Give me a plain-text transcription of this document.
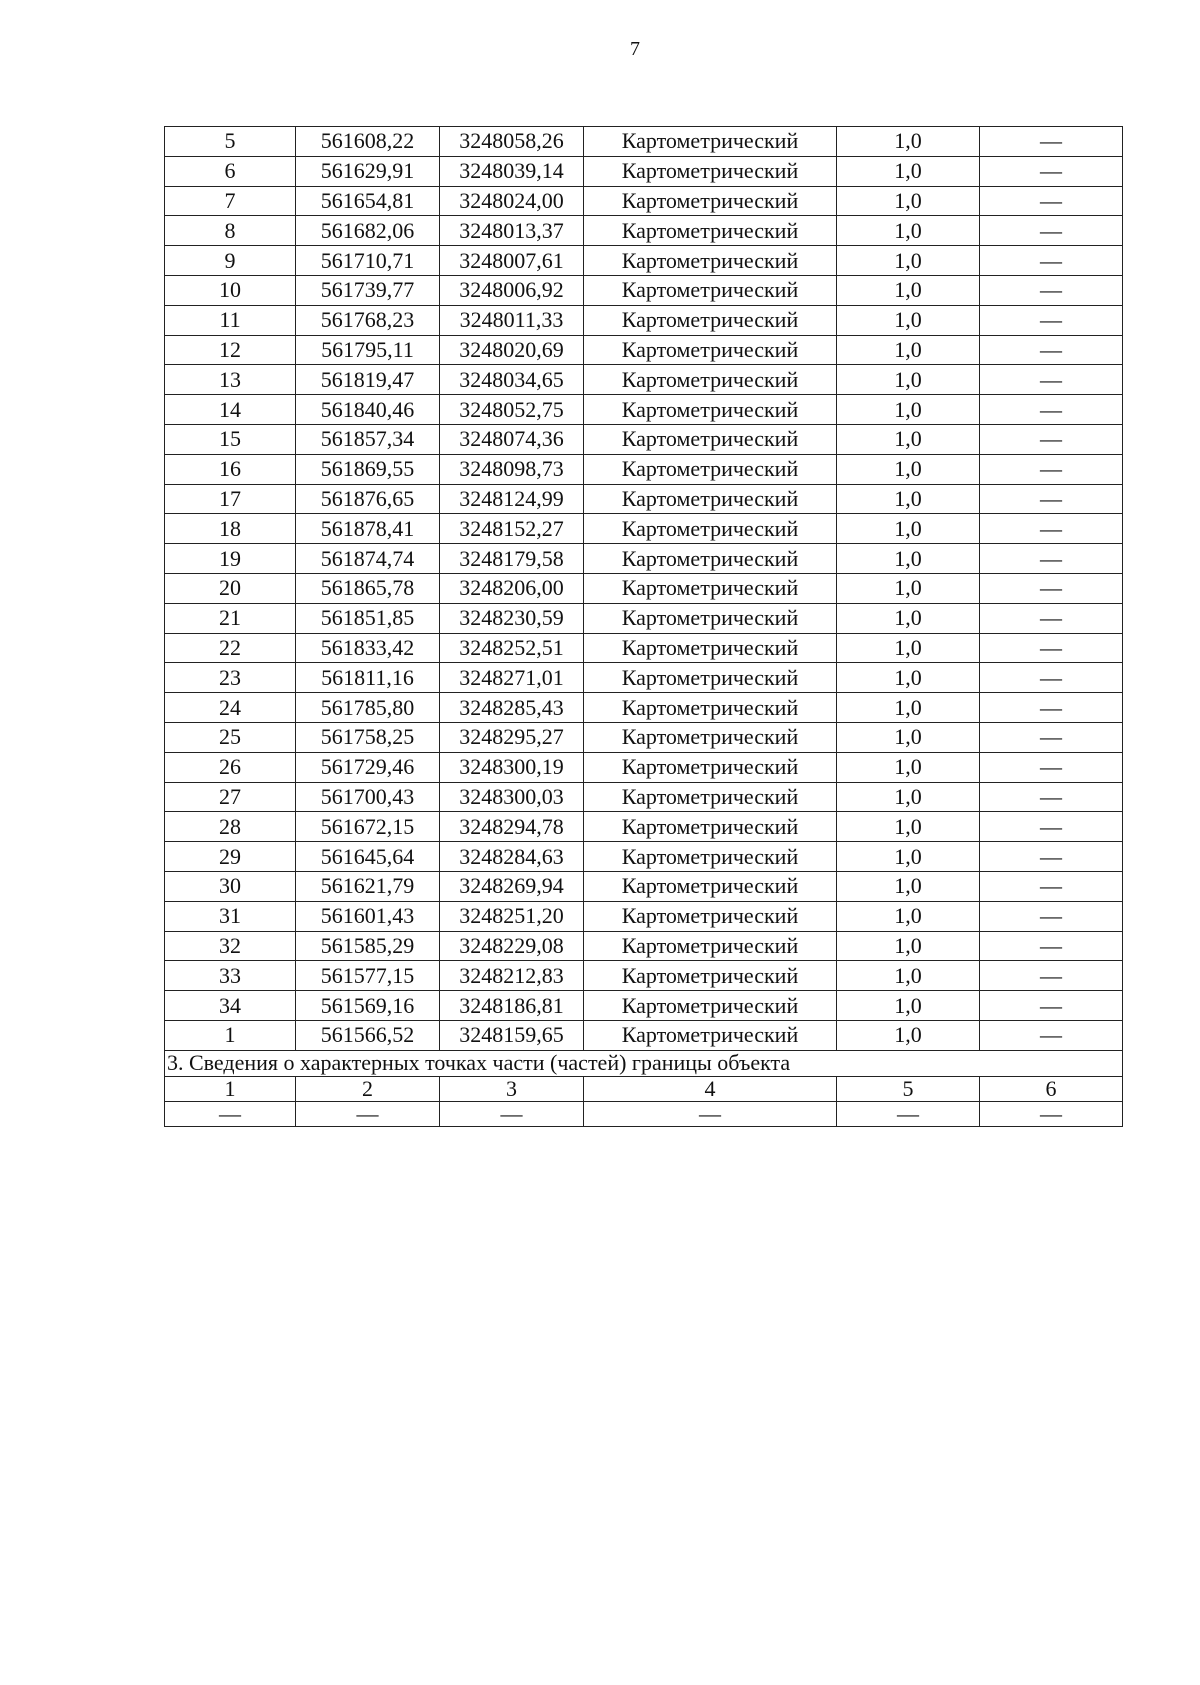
7
5	561608,22	3248058,26	Картометрический	1,0	—
6	561629,91	3248039,14	Картометрический	1,0	—
7	561654,81	3248024,00	Картометрический	1,0	—
8	561682,06	3248013,37	Картометрический	1,0	—
9	561710,71	3248007,61	Картометрический	1,0	—
10	561739,77	3248006,92	Картометрический	1,0	—
11	561768,23	3248011,33	Картометрический	1,0	—
12	561795,11	3248020,69	Картометрический	1,0	—
13	561819,47	3248034,65	Картометрический	1,0	—
14	561840,46	3248052,75	Картометрический	1,0	—
15	561857,34	3248074,36	Картометрический	1,0	—
16	561869,55	3248098,73	Картометрический	1,0	—
17	561876,65	3248124,99	Картометрический	1,0	—
18	561878,41	3248152,27	Картометрический	1,0	—
19	561874,74	3248179,58	Картометрический	1,0	—
20	561865,78	3248206,00	Картометрический	1,0	—
21	561851,85	3248230,59	Картометрический	1,0	—
22	561833,42	3248252,51	Картометрический	1,0	—
23	561811,16	3248271,01	Картометрический	1,0	—
24	561785,80	3248285,43	Картометрический	1,0	—
25	561758,25	3248295,27	Картометрический	1,0	—
26	561729,46	3248300,19	Картометрический	1,0	—
27	561700,43	3248300,03	Картометрический	1,0	—
28	561672,15	3248294,78	Картометрический	1,0	—
29	561645,64	3248284,63	Картометрический	1,0	—
30	561621,79	3248269,94	Картометрический	1,0	—
31	561601,43	3248251,20	Картометрический	1,0	—
32	561585,29	3248229,08	Картометрический	1,0	—
33	561577,15	3248212,83	Картометрический	1,0	—
34	561569,16	3248186,81	Картометрический	1,0	—
1	561566,52	3248159,65	Картометрический	1,0	—
3. Сведения о характерных точках части (частей) границы объекта					
1	2	3	4	5	6
—	—	—	—	—	—
